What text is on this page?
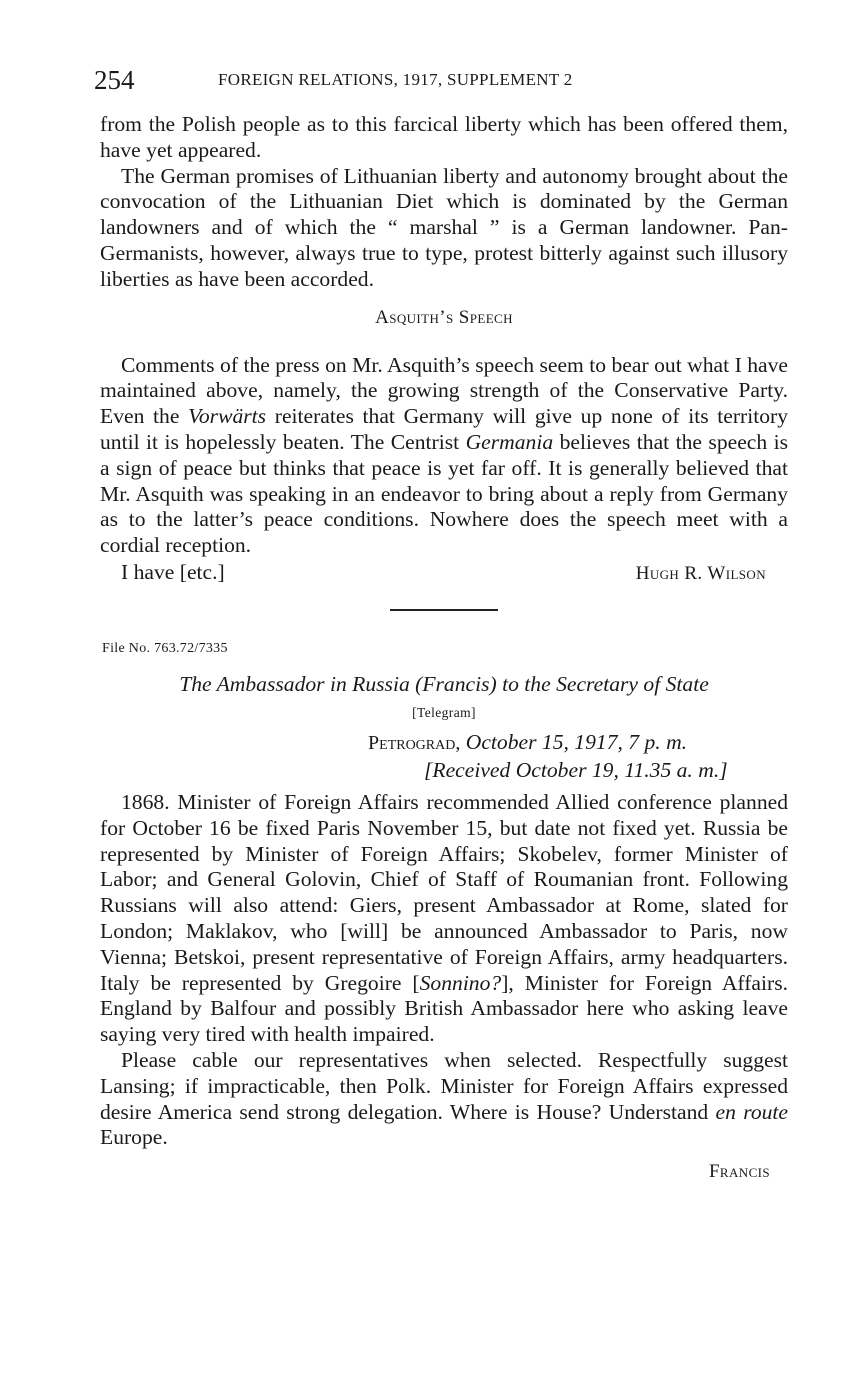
254	FOREIGN RELATIONS, 1917, SUPPLEMENT 2

from the Polish people as to this farcical liberty which has been offered them, have yet appeared.

The German promises of Lithuanian liberty and autonomy brought about the convocation of the Lithuanian Diet which is dominated by the German landowners and of which the “ marshal ” is a German landowner. Pan-Germanists, however, always true to type, protest bitterly against such illusory liberties as have been accorded.

Asquith’s Speech

Comments of the press on Mr. Asquith’s speech seem to bear out what I have maintained above, namely, the growing strength of the Conservative Party. Even the Vorwärts reiterates that Germany will give up none of its territory until it is hopelessly beaten. The Centrist Germania believes that the speech is a sign of peace but thinks that peace is yet far off. It is generally believed that Mr. Asquith was speaking in an endeavor to bring about a reply from Germany as to the latter’s peace conditions. Nowhere does the speech meet with a cordial reception.

I have [etc.]	Hugh R. Wilson
File No. 763.72/7335

The Ambassador in Russia (Francis) to the Secretary of State

[Telegram]
Petrograd, October 15, 1917, 7 p. m.
[Received October 19, 11.35 a. m.]

1868. Minister of Foreign Affairs recommended Allied conference planned for October 16 be fixed Paris November 15, but date not fixed yet. Russia be represented by Minister of Foreign Affairs; Skobelev, former Minister of Labor; and General Golovin, Chief of Staff of Roumanian front. Following Russians will also attend: Giers, present Ambassador at Rome, slated for London; Maklakov, who [will] be announced Ambassador to Paris, now Vienna; Betskoi, present representative of Foreign Affairs, army headquarters. Italy be represented by Gregoire [Sonnino?], Minister for Foreign Affairs. England by Balfour and possibly British Ambassador here who asking leave saying very tired with health impaired.

Please cable our representatives when selected. Respectfully suggest Lansing; if impracticable, then Polk. Minister for Foreign Affairs expressed desire America send strong delegation. Where is House? Understand en route Europe.

Francis
